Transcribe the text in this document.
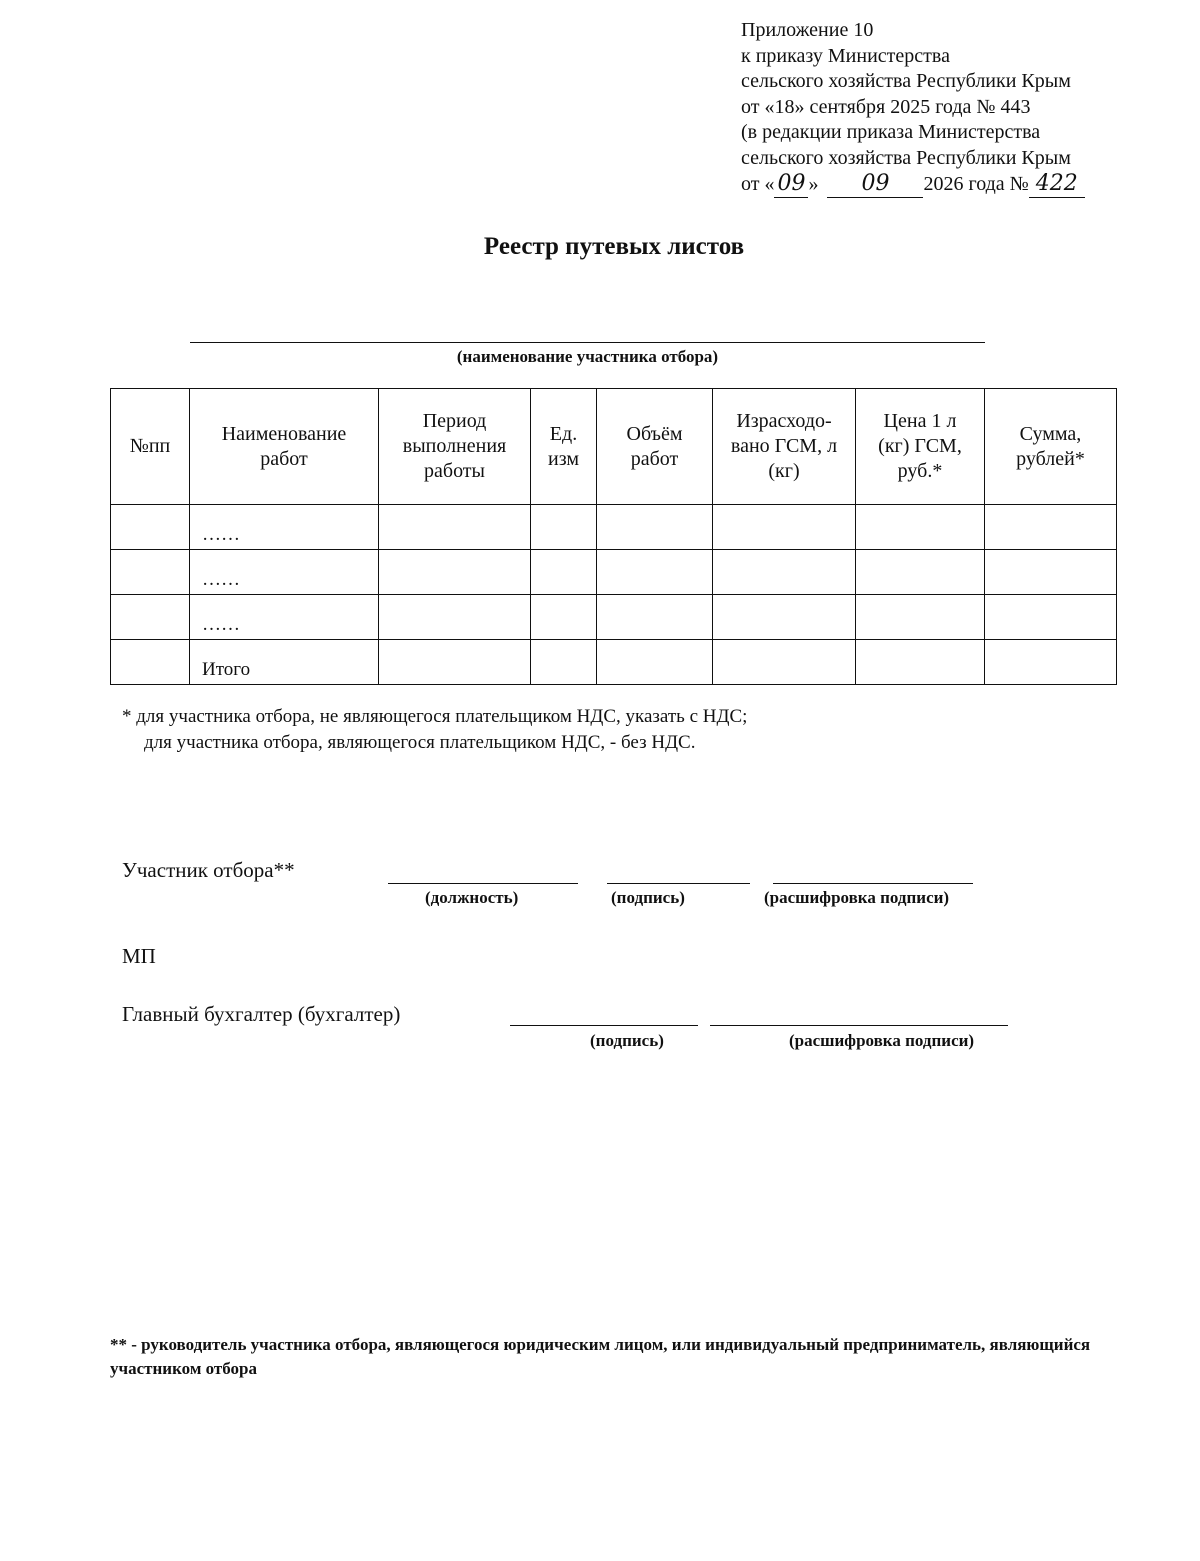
Приложение 10
к приказу Министерства
сельского хозяйства Республики Крым
от «18» сентября 2025 года № 443
(в редакции приказа Министерства
сельского хозяйства Республики Крым
от « 09 » 09 2026 года № 422
Реестр путевых листов
(наименование участника отбора)
№пп	Наименование работ	Период выполнения работы	Ед. изм	Объём работ	Израсходо-вано ГСМ, л (кг)	Цена 1 л (кг) ГСМ, руб.*	Сумма, рублей*
	……						
	……						
	……						
	Итого						
* для участника отбора, не являющегося плательщиком НДС, указать с НДС;
для участника отбора, являющегося плательщиком НДС, - без НДС.
Участник отбора**
(должность)	(подпись)	(расшифровка подписи)
МП
Главный бухгалтер (бухгалтер)
(подпись)	(расшифровка подписи)
** - руководитель участника отбора, являющегося юридическим лицом, или индивидуальный предприниматель, являющийся участником отбора
